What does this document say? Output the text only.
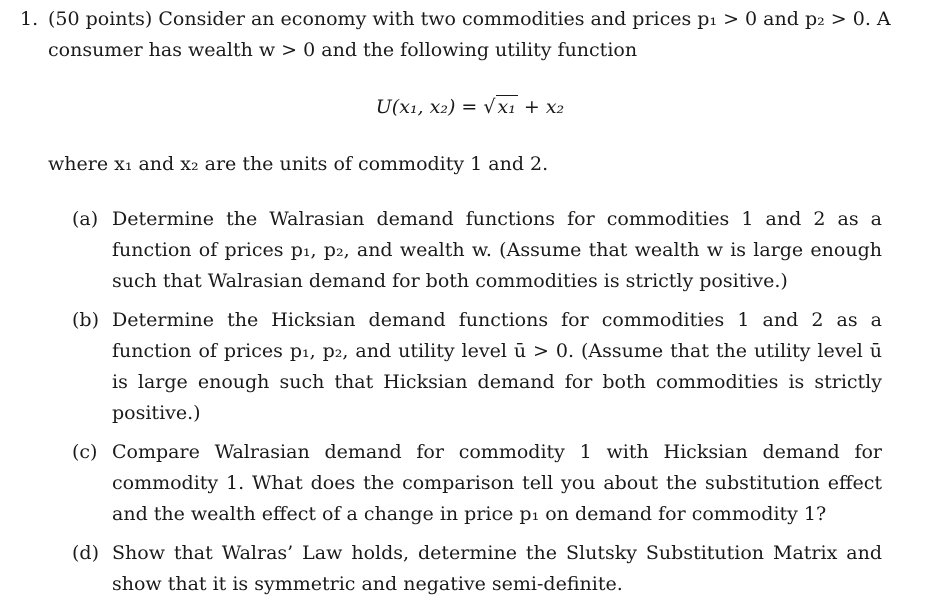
1. (50 points) Consider an economy with two commodities and prices p₁ > 0 and p₂ > 0. A consumer has wealth w > 0 and the following utility function
U(x₁, x₂) = √ x₁ + x₂
where x₁ and x₂ are the units of commodity 1 and 2.
(a) Determine the Walrasian demand functions for commodities 1 and 2 as a function of prices p₁, p₂, and wealth w. (Assume that wealth w is large enough such that Walrasian demand for both commodities is strictly positive.)
(b) Determine the Hicksian demand functions for commodities 1 and 2 as a function of prices p₁, p₂, and utility level ū > 0. (Assume that the utility level ū is large enough such that Hicksian demand for both commodities is strictly positive.)
(c) Compare Walrasian demand for commodity 1 with Hicksian demand for commodity 1. What does the comparison tell you about the substitution effect and the wealth effect of a change in price p₁ on demand for commodity 1?
(d) Show that Walras’ Law holds, determine the Slutsky Substitution Matrix and show that it is symmetric and negative semi-definite.
